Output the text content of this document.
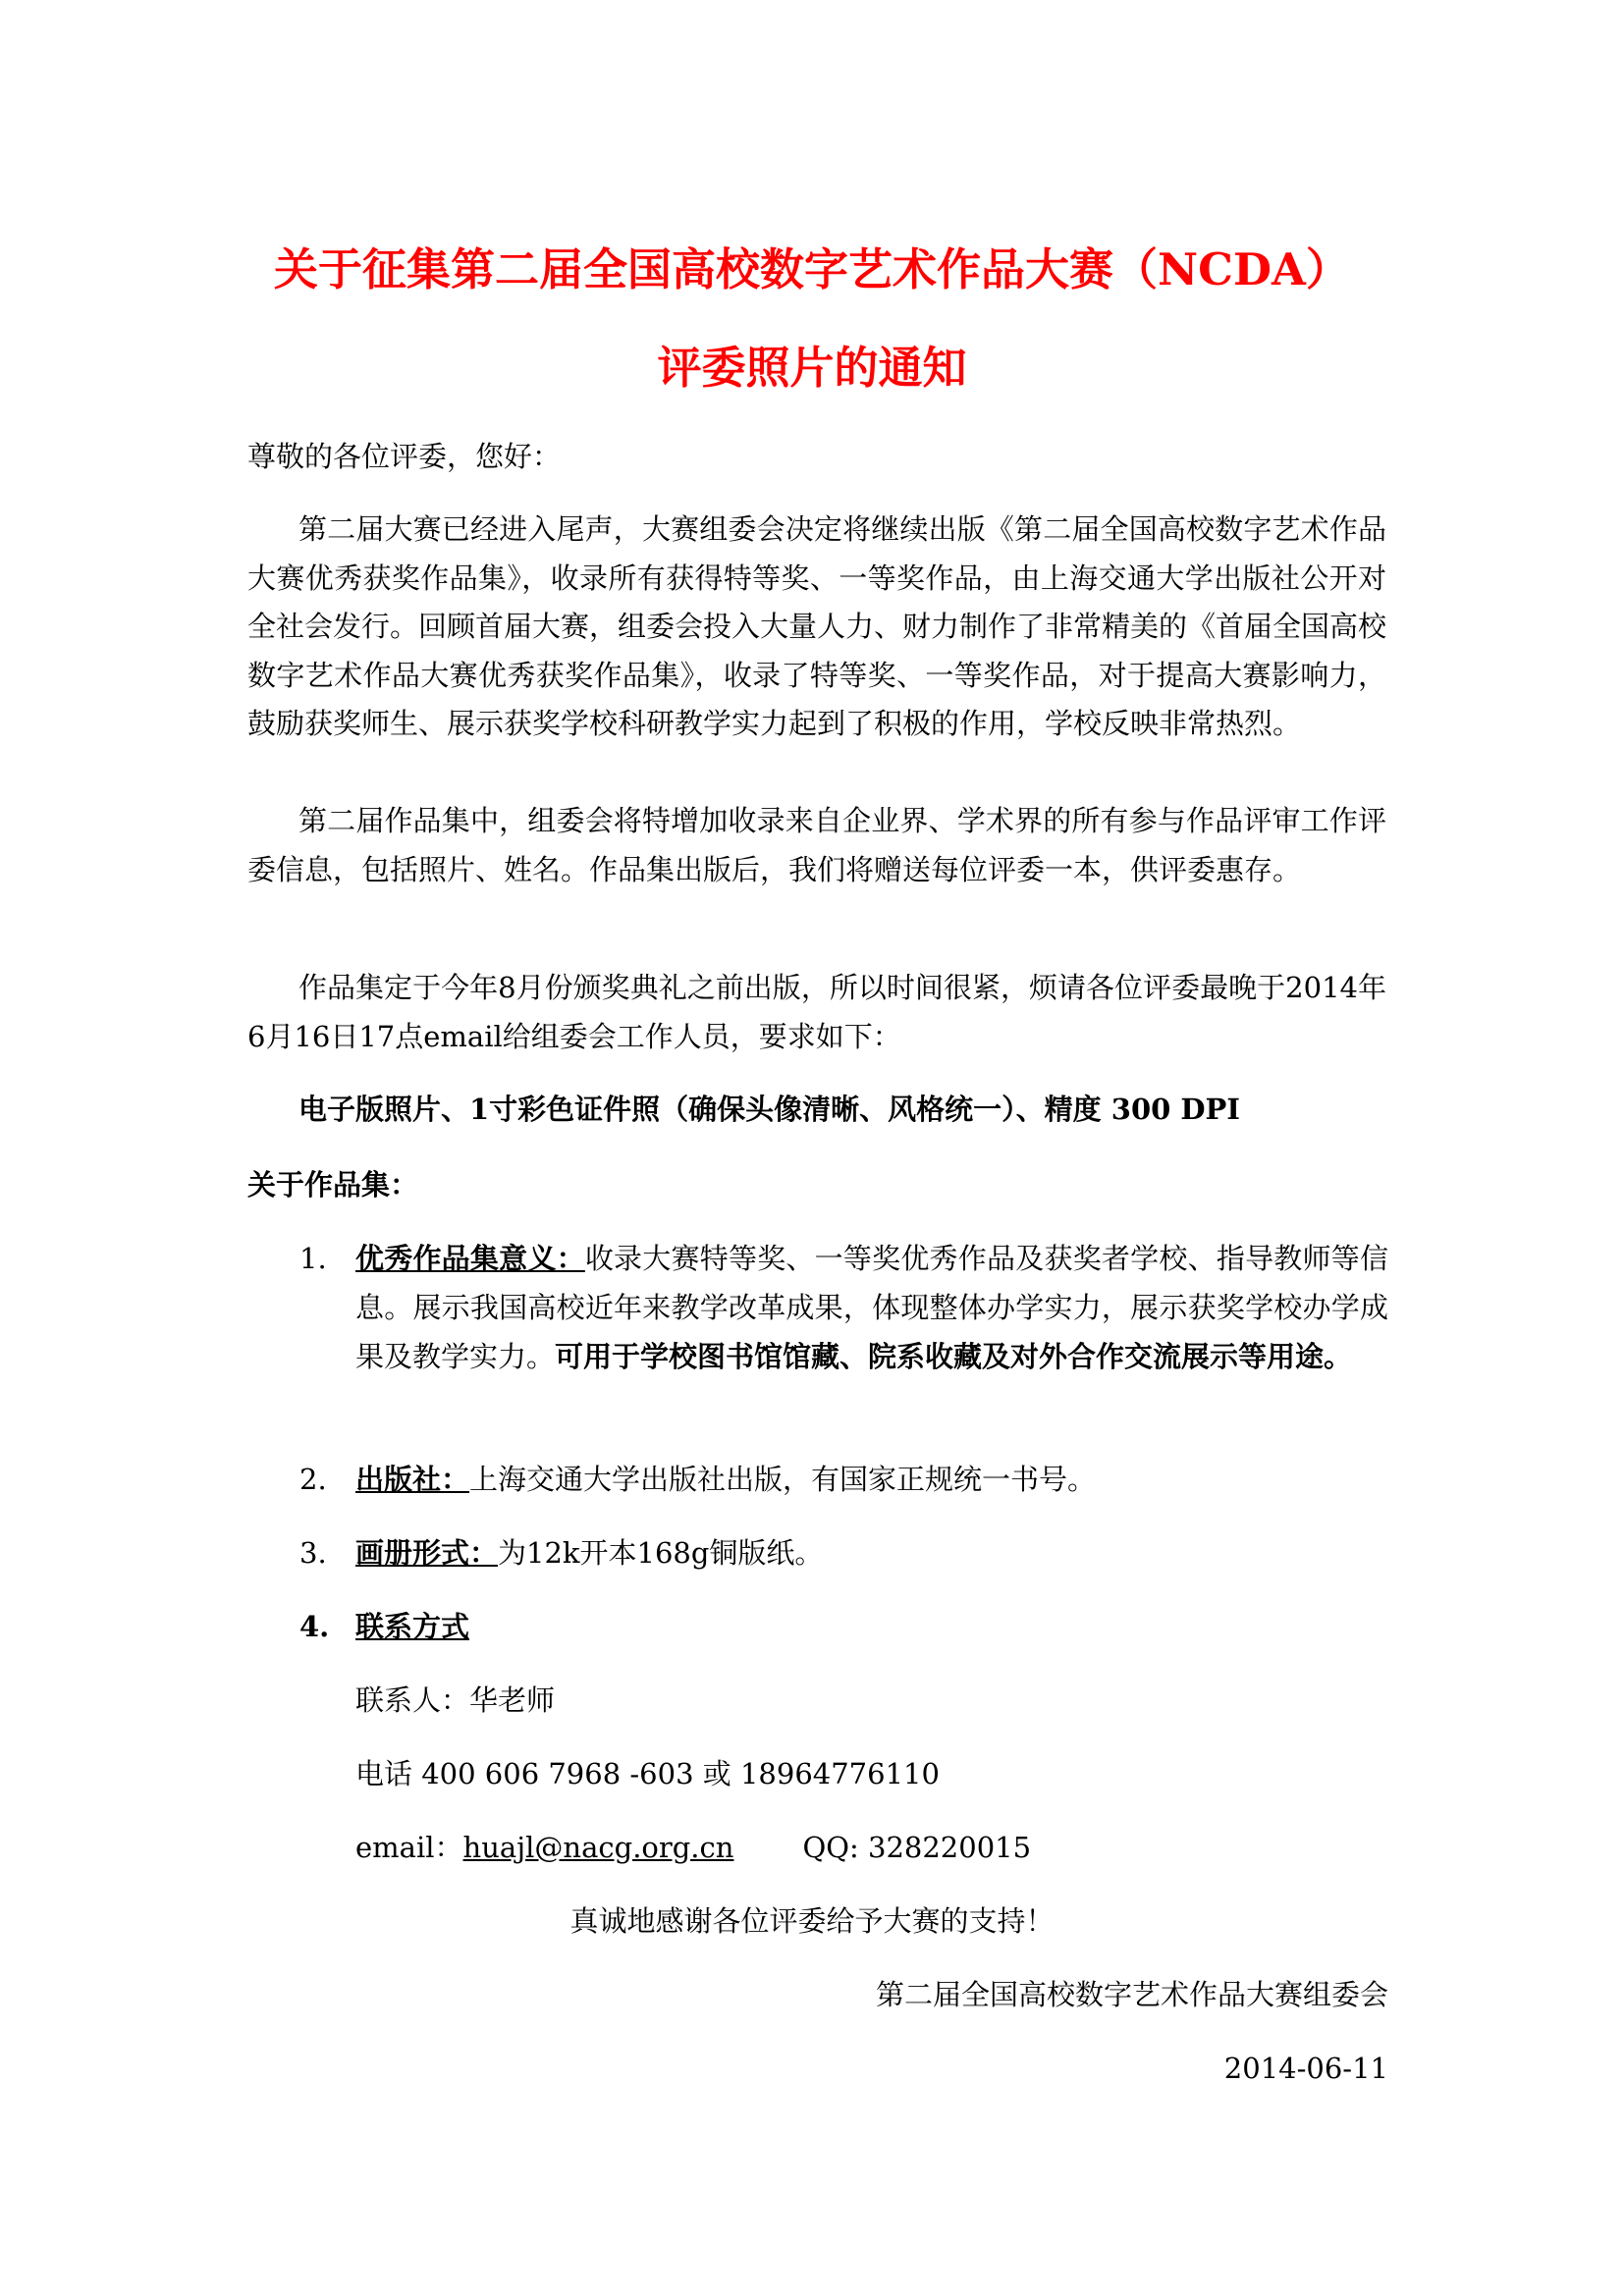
关于征集第二届全国高校数字艺术作品大赛（NCDA）
评委照片的通知
尊敬的各位评委，您好：
第二届大赛已经进入尾声，大赛组委会决定将继续出版《第二届全国高校数字艺术作品大赛优秀获奖作品集》，收录所有获得特等奖、一等奖作品，由上海交通大学出版社公开对全社会发行。回顾首届大赛，组委会投入大量人力、财力制作了非常精美的《首届全国高校数字艺术作品大赛优秀获奖作品集》，收录了特等奖、一等奖作品，对于提高大赛影响力，鼓励获奖师生、展示获奖学校科研教学实力起到了积极的作用，学校反映非常热烈。
第二届作品集中，组委会将特增加收录来自企业界、学术界的所有参与作品评审工作评委信息，包括照片、姓名。作品集出版后，我们将赠送每位评委一本，供评委惠存。
作品集定于今年8月份颁奖典礼之前出版，所以时间很紧，烦请各位评委最晚于2014年6月16日17点email给组委会工作人员，要求如下：
电子版照片、1寸彩色证件照（确保头像清晰、风格统一）、精度 300 DPI
关于作品集：
1. 优秀作品集意义：收录大赛特等奖、一等奖优秀作品及获奖者学校、指导教师等信息。展示我国高校近年来教学改革成果，体现整体办学实力，展示获奖学校办学成果及教学实力。可用于学校图书馆馆藏、院系收藏及对外合作交流展示等用途。
2. 出版社：上海交通大学出版社出版，有国家正规统一书号。
3. 画册形式：为12k开本168g铜版纸。
4. 联系方式
联系人：华老师
电话 400 606 7968 -603 或 18964776110
email：huajl@nacg.org.cn QQ: 328220015
真诚地感谢各位评委给予大赛的支持！
第二届全国高校数字艺术作品大赛组委会
2014-06-11
